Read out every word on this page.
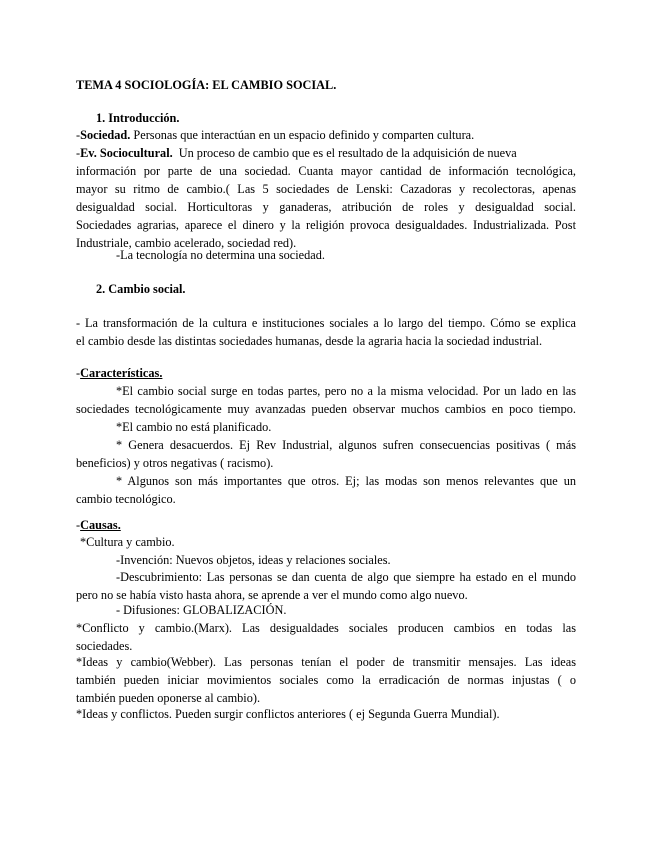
TEMA 4 SOCIOLOGÍA: EL CAMBIO SOCIAL.
1. Introducción.
-Sociedad. Personas que interactúan en un espacio definido y comparten cultura.
-Ev. Sociocultural. Un proceso de cambio que es el resultado de la adquisición de nueva
información por parte de una sociedad. Cuanta mayor cantidad de información tecnológica,
mayor su ritmo de cambio.( Las 5 sociedades de Lenski: Cazadoras y recolectoras, apenas
desigualdad social. Horticultoras y ganaderas, atribución de roles y desigualdad social.
Sociedades agrarias, aparece el dinero y la religión provoca desigualdades. Industrializada. Post
Industriale, cambio acelerado, sociedad red).
-La tecnología no determina una sociedad.
2. Cambio social.
- La transformación de la cultura e instituciones sociales a lo largo del tiempo. Cómo se explica
el cambio desde las distintas sociedades humanas, desde la agraria hacia la sociedad industrial.
-Características.
*El cambio social surge en todas partes, pero no a la misma velocidad. Por un lado en las
sociedades tecnológicamente muy avanzadas pueden observar muchos cambios en poco tiempo.
*El cambio no está planificado.
* Genera desacuerdos. Ej Rev Industrial, algunos sufren consecuencias positivas ( más
beneficios) y otros negativas ( racismo).
* Algunos son más importantes que otros. Ej; las modas son menos relevantes que un
cambio tecnológico.
-Causas.
*Cultura y cambio.
-Invención: Nuevos objetos, ideas y relaciones sociales.
-Descubrimiento: Las personas se dan cuenta de algo que siempre ha estado en el mundo
pero no se había visto hasta ahora, se aprende a ver el mundo como algo nuevo.
- Difusiones: GLOBALIZACIÓN.
*Conflicto y cambio.(Marx). Las desigualdades sociales producen cambios en todas las
sociedades.
*Ideas y cambio(Webber). Las personas tenían el poder de transmitir mensajes. Las ideas
también pueden iniciar movimientos sociales como la erradicación de normas injustas ( o
también pueden oponerse al cambio).
*Ideas y conflictos. Pueden surgir conflictos anteriores ( ej Segunda Guerra Mundial).
